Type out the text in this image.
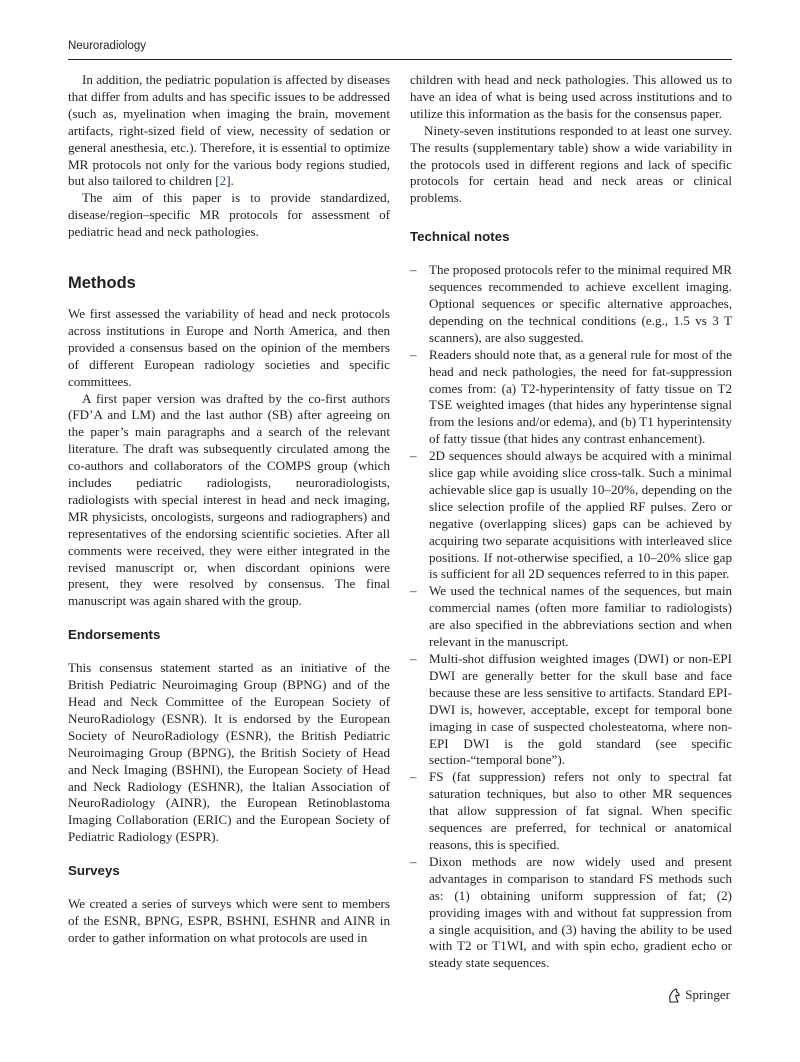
Neuroradiology

In addition, the pediatric population is affected by diseases that differ from adults and has specific issues to be addressed (such as, myelination when imaging the brain, movement artifacts, right-sized field of view, necessity of sedation or general anesthesia, etc.). Therefore, it is essential to optimize MR protocols not only for the various body regions studied, but also tailored to children [2].

The aim of this paper is to provide standardized, disease/region–specific MR protocols for assessment of pediatric head and neck pathologies.

Methods

We first assessed the variability of head and neck protocols across institutions in Europe and North America, and then provided a consensus based on the opinion of the members of different European radiology societies and specific committees.

A first paper version was drafted by the co-first authors (FD’A and LM) and the last author (SB) after agreeing on the paper’s main paragraphs and a search of the relevant literature. The draft was subsequently circulated among the co-authors and collaborators of the COMPS group (which includes pediatric radiologists, neuroradiologists, radiologists with special interest in head and neck imaging, MR physicists, oncologists, surgeons and radiographers) and representatives of the endorsing scientific societies. After all comments were received, they were either integrated in the revised manuscript or, when discordant opinions were present, they were resolved by consensus. The final manuscript was again shared with the group.

Endorsements

This consensus statement started as an initiative of the British Pediatric Neuroimaging Group (BPNG) and of the Head and Neck Committee of the European Society of NeuroRadiology (ESNR). It is endorsed by the European Society of NeuroRadiology (ESNR), the British Pediatric Neuroimaging Group (BPNG), the British Society of Head and Neck Imaging (BSHNI), the European Society of Head and Neck Radiology (ESHNR), the Italian Association of NeuroRadiology (AINR), the European Retinoblastoma Imaging Collaboration (ERIC) and the European Society of Pediatric Radiology (ESPR).

Surveys

We created a series of surveys which were sent to members of the ESNR, BPNG, ESPR, BSHNI, ESHNR and AINR in order to gather information on what protocols are used in

children with head and neck pathologies. This allowed us to have an idea of what is being used across institutions and to utilize this information as the basis for the consensus paper.

Ninety-seven institutions responded to at least one survey. The results (supplementary table) show a wide variability in the protocols used in different regions and lack of specific protocols for certain head and neck areas or clinical problems.

Technical notes
– The proposed protocols refer to the minimal required MR sequences recommended to achieve excellent imaging. Optional sequences or specific alternative approaches, depending on the technical conditions (e.g., 1.5 vs 3 T scanners), are also suggested.
– Readers should note that, as a general rule for most of the head and neck pathologies, the need for fat-suppression comes from: (a) T2-hyperintensity of fatty tissue on T2 TSE weighted images (that hides any hyperintense signal from the lesions and/or edema), and (b) T1 hyperintensity of fatty tissue (that hides any contrast enhancement).
– 2D sequences should always be acquired with a minimal slice gap while avoiding slice cross-talk. Such a minimal achievable slice gap is usually 10–20%, depending on the slice selection profile of the applied RF pulses. Zero or negative (overlapping slices) gaps can be achieved by acquiring two separate acquisitions with interleaved slice positions. If not-otherwise specified, a 10–20% slice gap is sufficient for all 2D sequences referred to in this paper.
– We used the technical names of the sequences, but main commercial names (often more familiar to radiologists) are also specified in the abbreviations section and when relevant in the manuscript.
– Multi-shot diffusion weighted images (DWI) or non-EPI DWI are generally better for the skull base and face because these are less sensitive to artifacts. Standard EPI-DWI is, however, acceptable, except for temporal bone imaging in case of suspected cholesteatoma, where non-EPI DWI is the gold standard (see specific section-“temporal bone”).
– FS (fat suppression) refers not only to spectral fat saturation techniques, but also to other MR sequences that allow suppression of fat signal. When specific sequences are preferred, for technical or anatomical reasons, this is specified.
– Dixon methods are now widely used and present advantages in comparison to standard FS methods such as: (1) obtaining uniform suppression of fat; (2) providing images with and without fat suppression from a single acquisition, and (3) having the ability to be used with T2 or T1WI, and with spin echo, gradient echo or steady state sequences.
Springer
